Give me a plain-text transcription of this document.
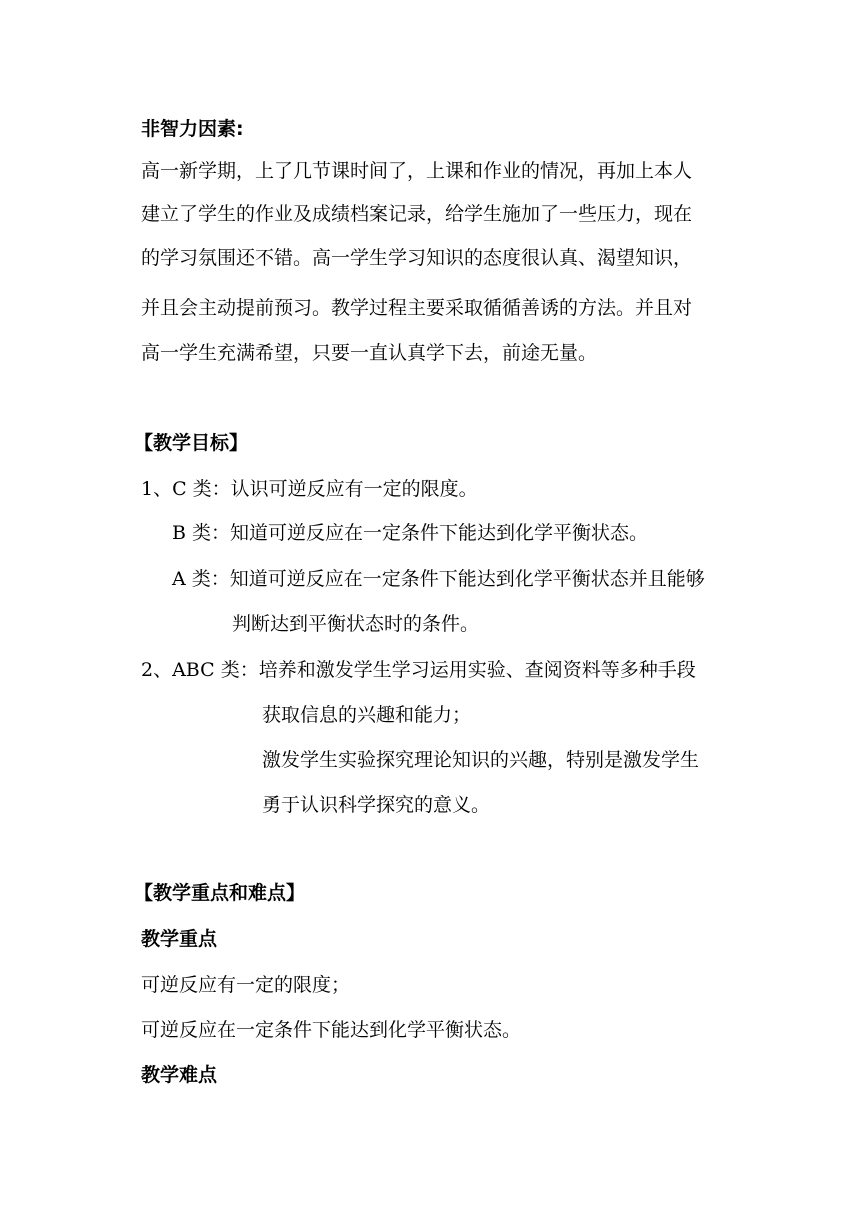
非智力因素:
高一新学期，上了几节课时间了，上课和作业的情况，再加上本人
建立了学生的作业及成绩档案记录，给学生施加了一些压力，现在
的学习氛围还不错。高一学生学习知识的态度很认真、渴望知识，
并且会主动提前预习。教学过程主要采取循循善诱的方法。并且对
高一学生充满希望，只要一直认真学下去，前途无量。
【教学目标】
1、C 类：认识可逆反应有一定的限度。
B 类：知道可逆反应在一定条件下能达到化学平衡状态。
A 类：知道可逆反应在一定条件下能达到化学平衡状态并且能够
判断达到平衡状态时的条件。
2、ABC 类：培养和激发学生学习运用实验、查阅资料等多种手段
获取信息的兴趣和能力；
激发学生实验探究理论知识的兴趣，特别是激发学生
勇于认识科学探究的意义。
【教学重点和难点】
教学重点
可逆反应有一定的限度；
可逆反应在一定条件下能达到化学平衡状态。
教学难点
